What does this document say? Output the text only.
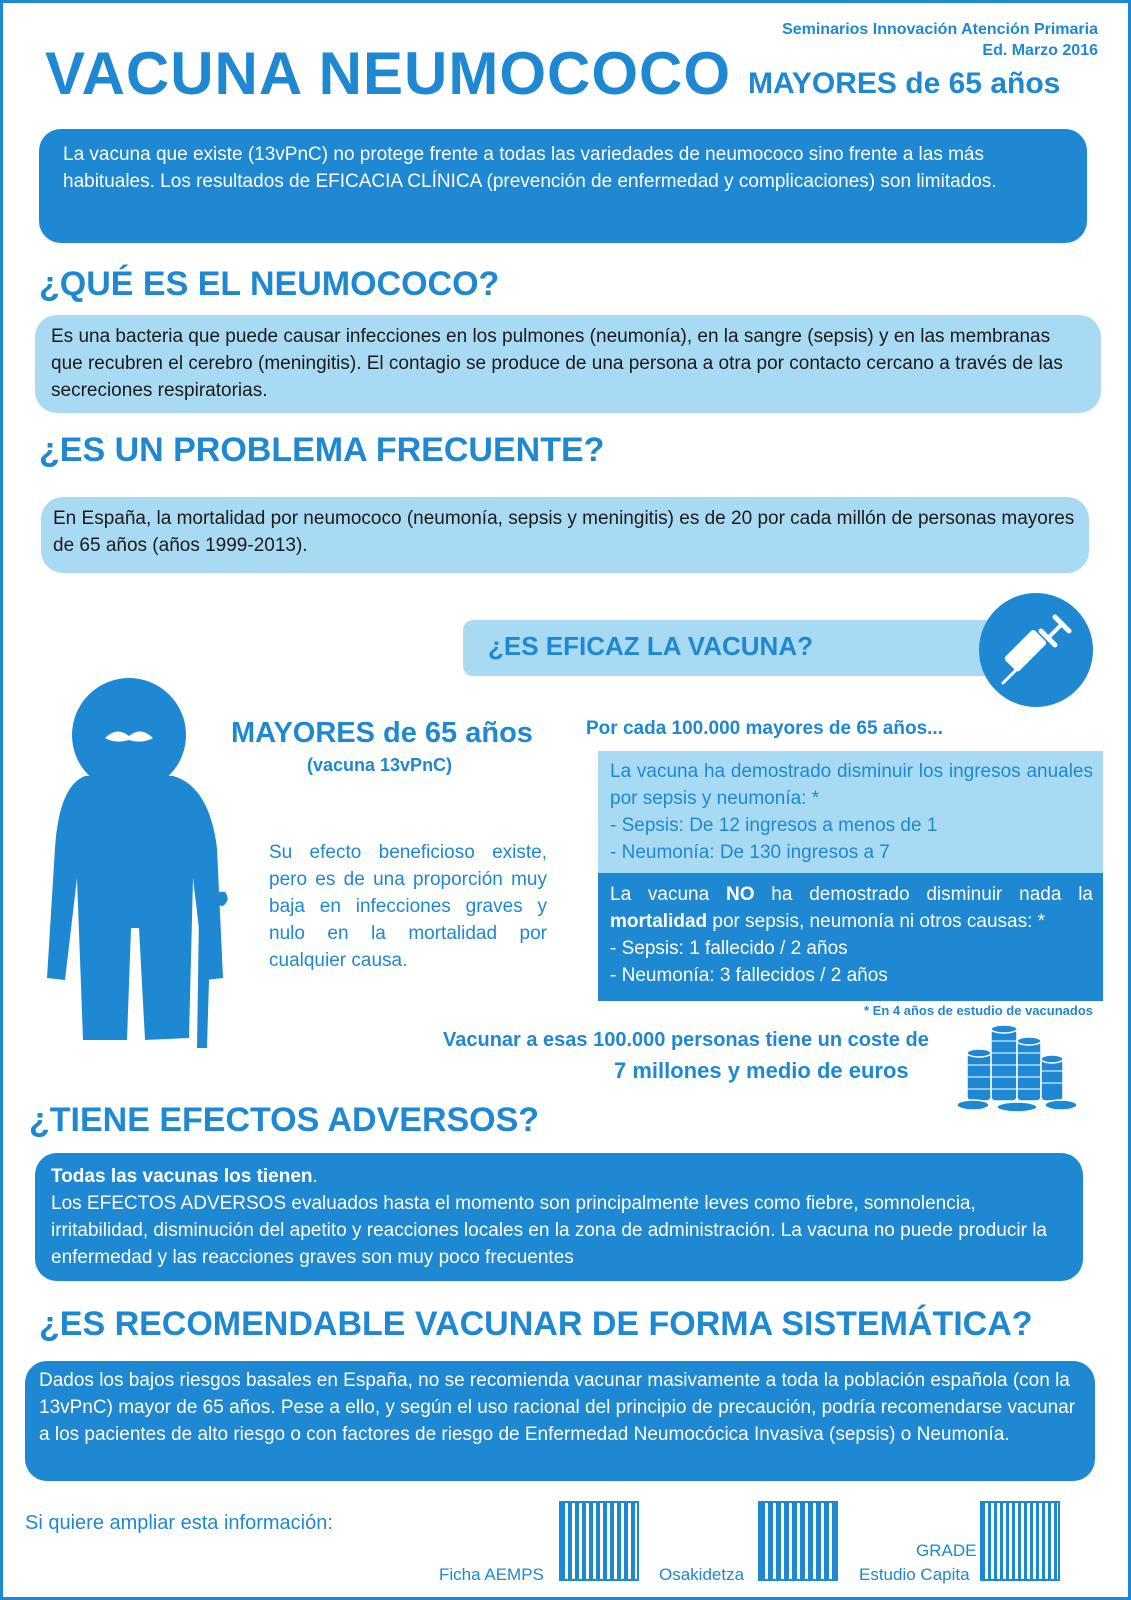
Seminarios Innovación Atención Primaria
Ed. Marzo 2016
VACUNA NEUMOCOCO MAYORES de 65 años
La vacuna que existe (13vPnC) no protege frente a todas las variedades de neumococo sino frente a las más habituales. Los resultados de EFICACIA CLÍNICA (prevención de enfermedad y complicaciones) son limitados.
¿QUÉ ES EL NEUMOCOCO?
Es una bacteria que puede causar infecciones en los pulmones (neumonía), en la sangre (sepsis) y en las membranas que recubren el cerebro (meningitis). El contagio se produce de una persona a otra por contacto cercano a través de las secreciones respiratorias.
¿ES UN PROBLEMA FRECUENTE?
En España, la mortalidad por neumococo (neumonía, sepsis y meningitis) es de 20 por cada millón de personas mayores de 65 años (años 1999-2013).
¿ES EFICAZ LA VACUNA?
MAYORES de 65 años
(vacuna 13vPnC)
Su efecto beneficioso existe, pero es de una proporción muy baja en infecciones graves y nulo en la mortalidad por cualquier causa.
Por cada 100.000 mayores de 65 años...
La vacuna ha demostrado disminuir los ingresos anuales por sepsis y neumonía: *
- Sepsis: De 12 ingresos a menos de 1
- Neumonía: De 130 ingresos a 7
La vacuna NO ha demostrado disminuir nada la mortalidad por sepsis, neumonía ni otros causas: *
- Sepsis: 1 fallecido / 2 años
- Neumonía: 3 fallecidos / 2 años
* En 4 años de estudio de vacunados
Vacunar a esas 100.000 personas tiene un coste de
7 millones y medio de euros
¿TIENE EFECTOS ADVERSOS?
Todas las vacunas los tienen.
Los EFECTOS ADVERSOS evaluados hasta el momento son principalmente leves como fiebre, somnolencia, irritabilidad, disminución del apetito y reacciones locales en la zona de administración. La vacuna no puede producir la enfermedad y las reacciones graves son muy poco frecuentes
¿ES RECOMENDABLE VACUNAR DE FORMA SISTEMÁTICA?
Dados los bajos riesgos basales en España, no se recomienda vacunar masivamente a toda la población española (con la 13vPnC) mayor de 65 años. Pese a ello, y según el uso racional del principio de precaución, podría recomendarse vacunar a los pacientes de alto riesgo o con factores de riesgo de Enfermedad Neumocócica Invasiva (sepsis) o Neumonía.
Si quiere ampliar esta información:
Ficha AEMPS	Osakidetza
GRADE
Estudio Capita
